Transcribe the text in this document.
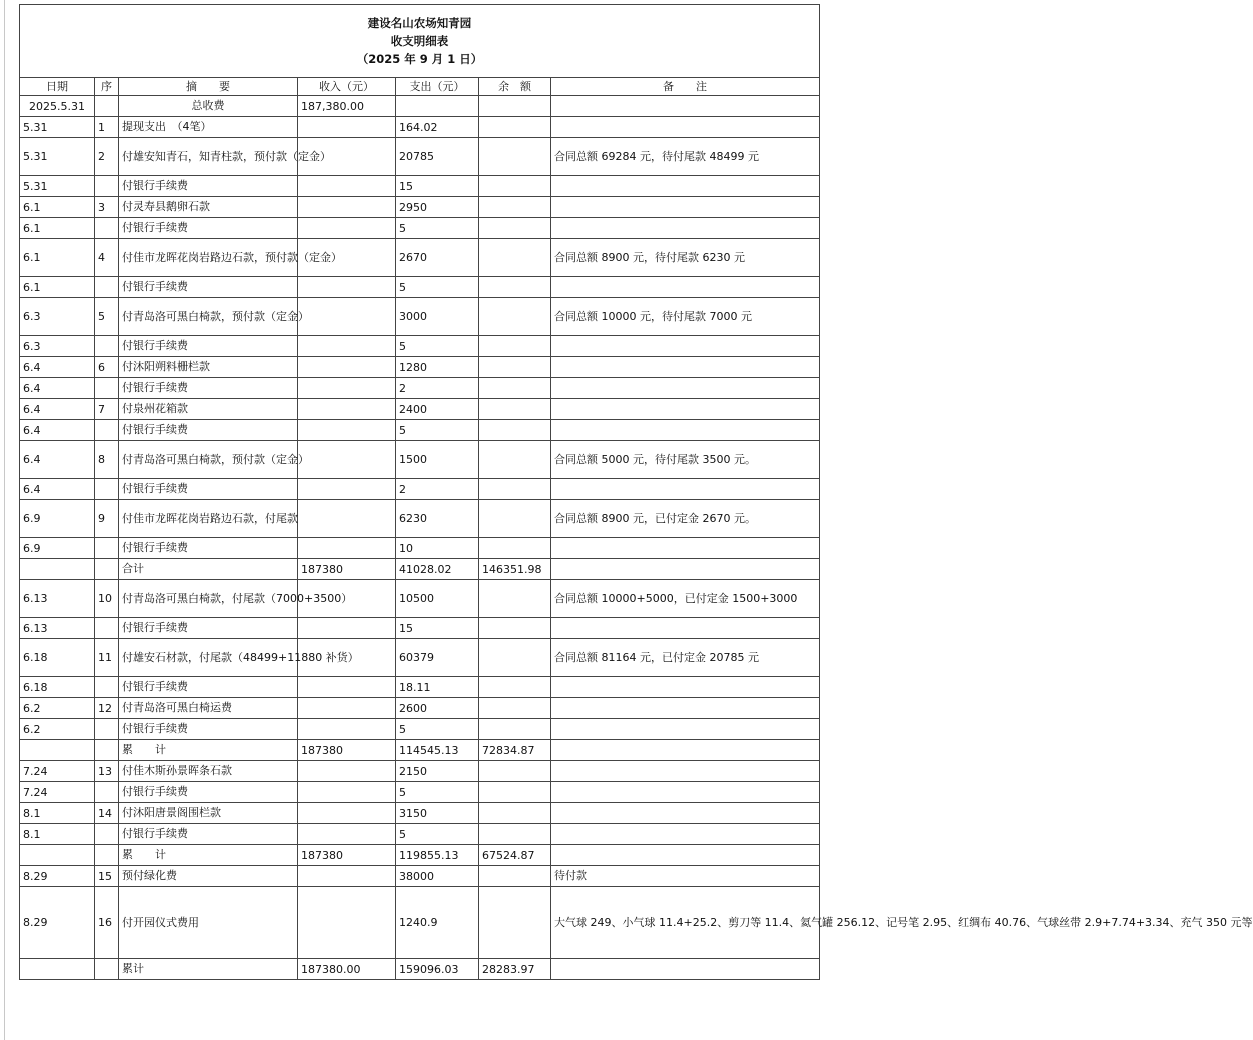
建设名山农场知青园
收支明细表
（2025 年 9 月 1 日）						

日期	序	摘　　要	收入（元）	支出（元）	余　额	备　　注
2025.5.31		总收费	187,380.00			
5.31	1	提现支出　（4笔）		164.02		
5.31	2	付雄安知青石，知青柱款，预付款（定金）		20785		合同总额 69284 元，待付尾款 48499 元
5.31		付银行手续费		15		
6.1	3	付灵寿县鹅卵石款		2950		
6.1		付银行手续费		5		
6.1	4	付佳市龙晖花岗岩路边石款，预付款（定金）		2670		合同总额 8900 元，待付尾款 6230 元
6.1		付银行手续费		5		
6.3	5	付青岛洛可黑白椅款，预付款（定金）		3000		合同总额 10000 元，待付尾款 7000 元
6.3		付银行手续费		5		
6.4	6	付沐阳朔料栅栏款		1280		
6.4		付银行手续费		2		
6.4	7	付泉州花箱款		2400		
6.4		付银行手续费		5		
6.4	8	付青岛洛可黑白椅款，预付款（定金）		1500		合同总额 5000 元，待付尾款 3500 元。
6.4		付银行手续费		2		
6.9	9	付佳市龙晖花岗岩路边石款，付尾款		6230		合同总额 8900 元，已付定金 2670 元。
6.9		付银行手续费		10		
		合计	187380	41028.02	146351.98	
6.13	10	付青岛洛可黑白椅款，付尾款（7000+3500）		10500		合同总额 10000+5000，已付定金 1500+3000
6.13		付银行手续费		15		
6.18	11	付雄安石材款，付尾款（48499+11880 补货）		60379		合同总额 81164 元，已付定金 20785 元
6.18		付银行手续费		18.11		
6.2	12	付青岛洛可黑白椅运费		2600		
6.2		付银行手续费		5		
		累　　计	187380	114545.13	72834.87	
7.24	13	付佳木斯孙景晖条石款		2150		
7.24		付银行手续费		5		
8.1	14	付沐阳唐景阁围栏款		3150		
8.1		付银行手续费		5		
		累　　计	187380	119855.13	67524.87	
8.29	15	预付绿化费		38000		待付款
8.29	16	付开园仪式费用		1240.9		大气球 249、小气球 11.4+25.2、剪刀等 11.4、氦气罐 256.12、记号笔 2.95、红绸布 40.76、气球丝带 2.9+7.74+3.34、充气 350 元等
		累计	187380.00	159096.03	28283.97	
